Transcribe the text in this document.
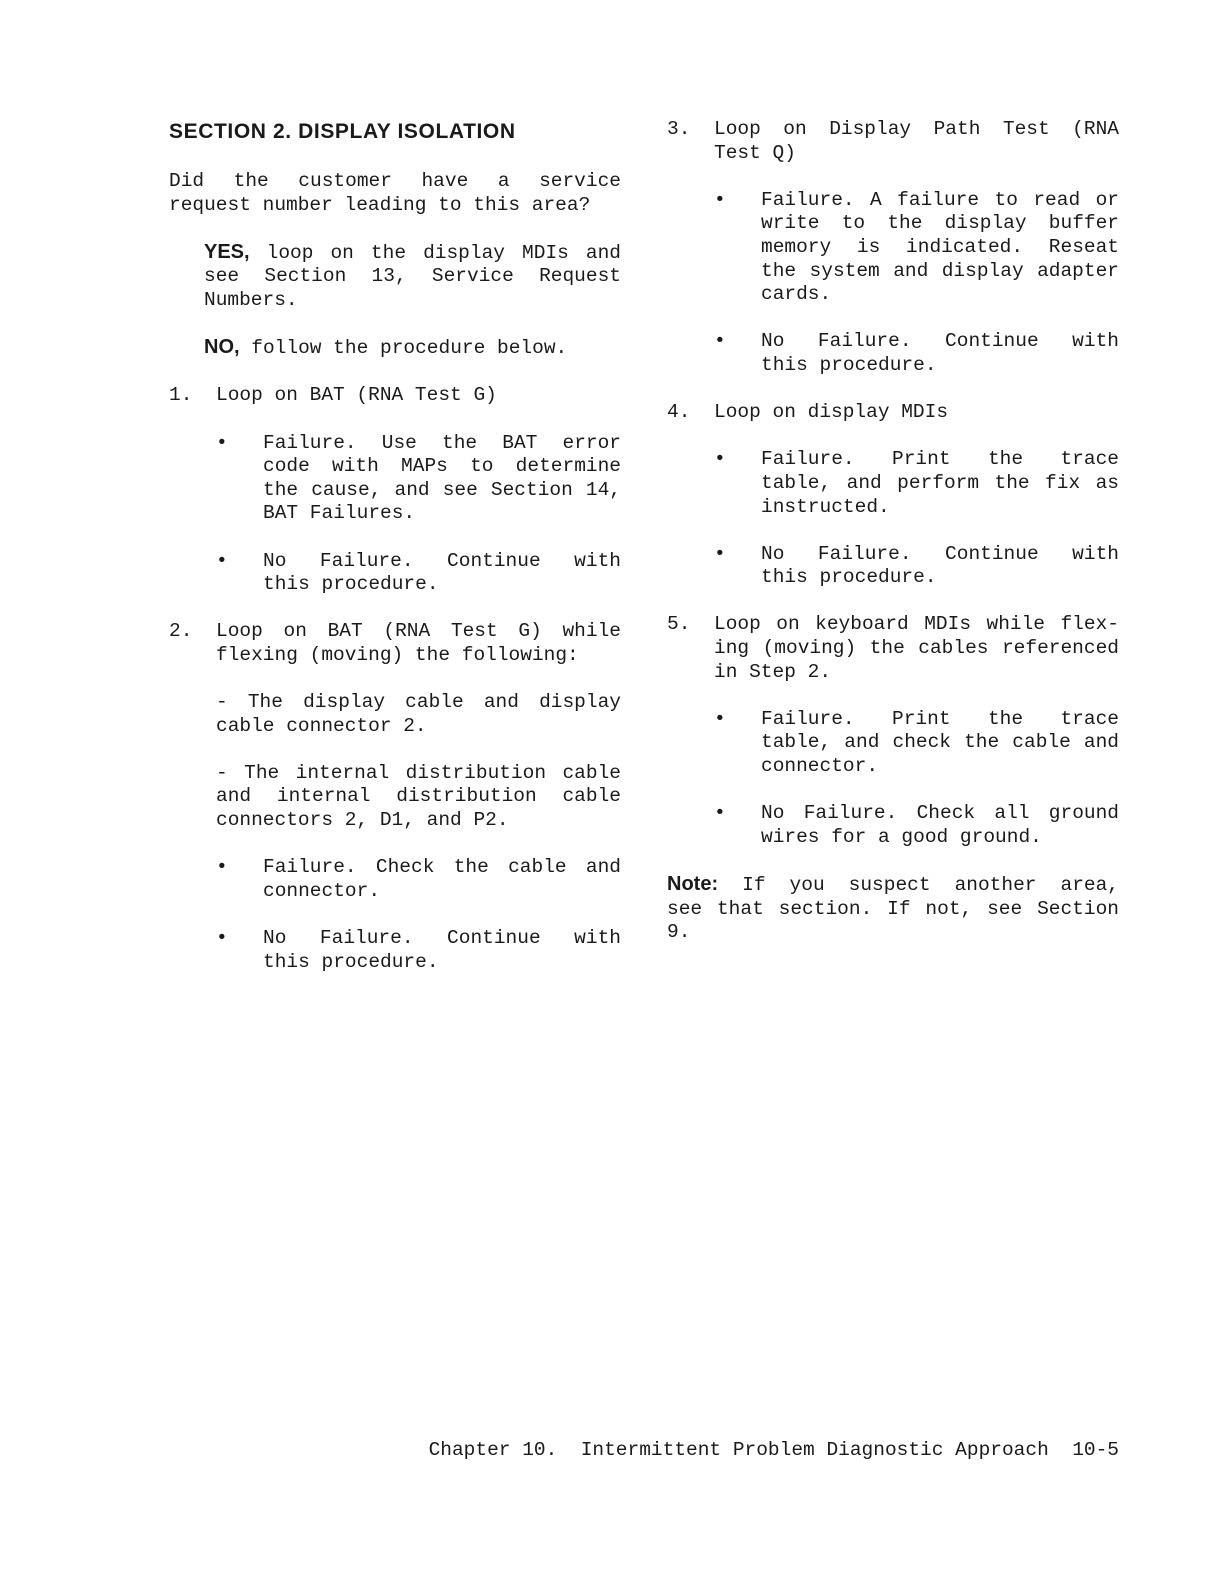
SECTION 2. DISPLAY ISOLATION
Did the customer have a service
request number leading to this area?
YES, loop on the display MDIs and
see Section 13, Service Request
Numbers.
NO, follow the procedure below.
1. Loop on BAT (RNA Test G)
•	Failure. Use the BAT error
code with MAPs to determine
the cause, and see Section 14,
BAT Failures.
•	No Failure. Continue with
this procedure.
2. Loop on BAT (RNA Test G) while
flexing (moving) the following:
- The display cable and display
cable connector 2.
- The internal distribution cable
and internal distribution cable
connectors 2, D1, and P2.
•	Failure. Check the cable and
connector.
•	No Failure. Continue with
this procedure.
3. Loop on Display Path Test (RNA
Test Q)
•	Failure. A failure to read or
write to the display buffer
memory is indicated. Reseat
the system and display adapter
cards.
•	No Failure. Continue with
this procedure.
4. Loop on display MDIs
•	Failure. Print the trace
table, and perform the fix as
instructed.
•	No Failure. Continue with
this procedure.
5. Loop on keyboard MDIs while flex-
ing (moving) the cables referenced
in Step 2.
•	Failure. Print the trace
table, and check the cable and
connector.
•	No Failure. Check all ground
wires for a good ground.
Note: If you suspect another area,
see that section. If not, see Section
9.
Chapter 10.  Intermittent Problem Diagnostic Approach 10-5
